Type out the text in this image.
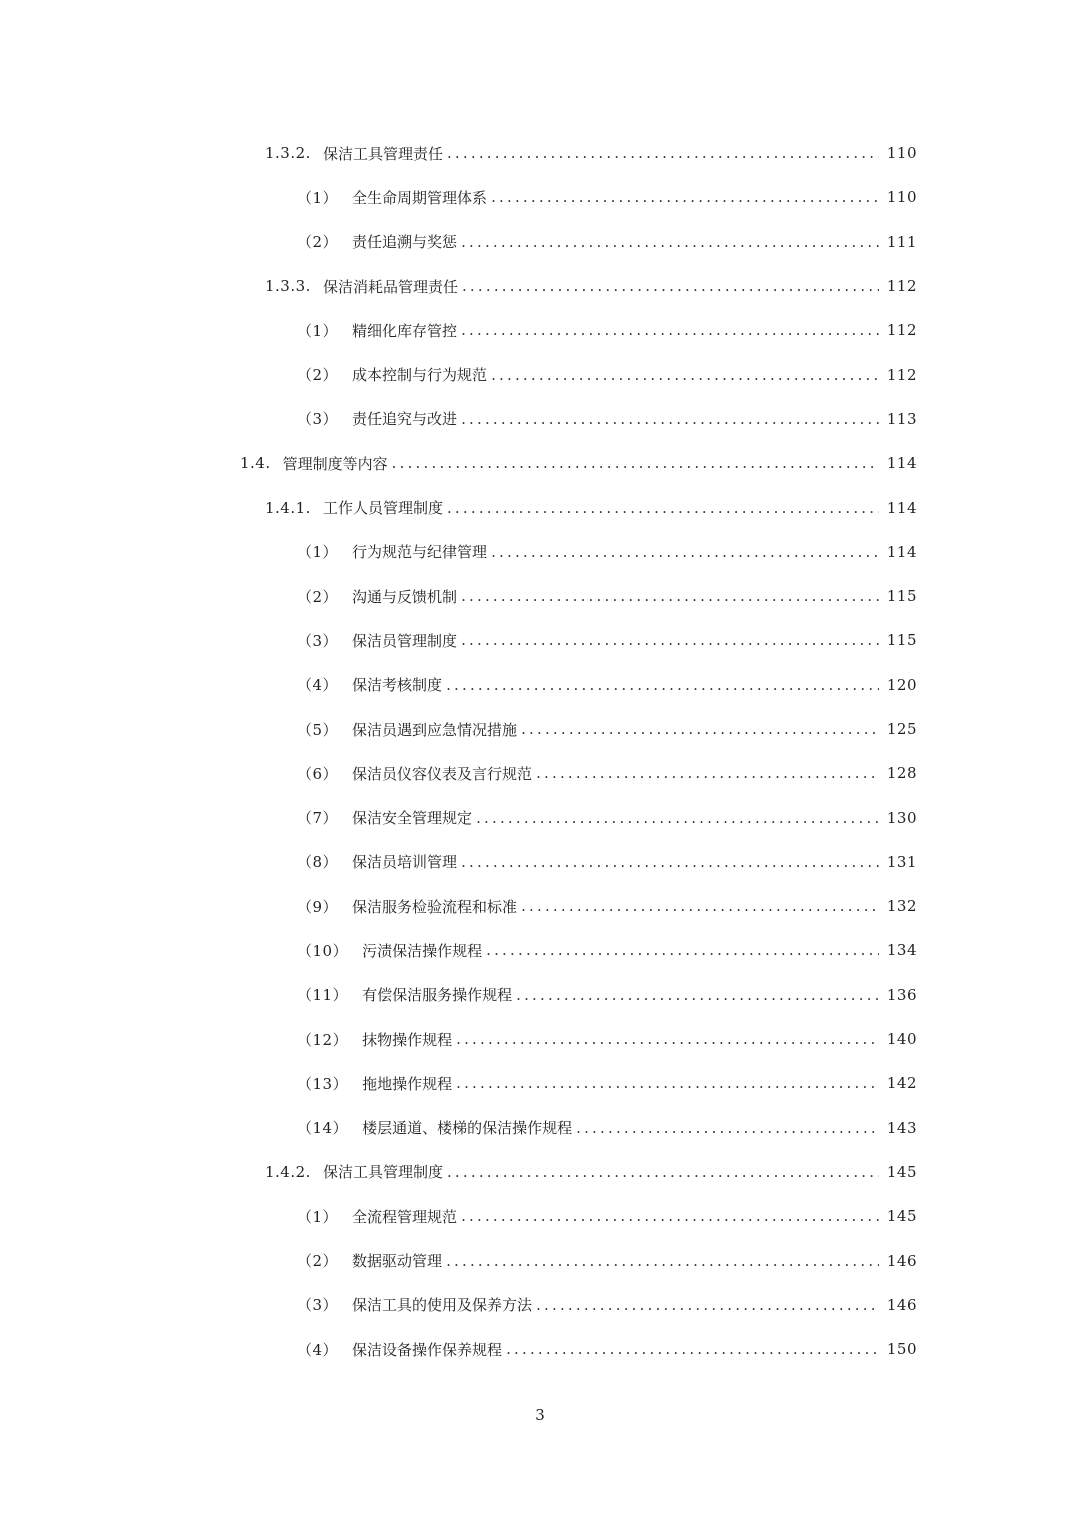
1.3.2. 保洁工具管理责任 .....	110
（1） 全生命周期管理体系 .....	110
（2） 责任追溯与奖惩 .....	111
1.3.3. 保洁消耗品管理责任 .....	112
（1） 精细化库存管控 .....	112
（2） 成本控制与行为规范 .....	112
（3） 责任追究与改进 .....	113
1.4. 管理制度等内容 .....	114
1.4.1. 工作人员管理制度 .....	114
（1） 行为规范与纪律管理 .....	114
（2） 沟通与反馈机制 .....	115
（3） 保洁员管理制度 .....	115
（4） 保洁考核制度 .....	120
（5） 保洁员遇到应急情况措施 .....	125
（6） 保洁员仪容仪表及言行规范 .....	128
（7） 保洁安全管理规定 .....	130
（8） 保洁员培训管理 .....	131
（9） 保洁服务检验流程和标准 .....	132
（10） 污渍保洁操作规程 .....	134
（11） 有偿保洁服务操作规程 .....	136
（12） 抹物操作规程 .....	140
（13） 拖地操作规程 .....	142
（14） 楼层通道、楼梯的保洁操作规程 .....	143
1.4.2. 保洁工具管理制度 .....	145
（1） 全流程管理规范 .....	145
（2） 数据驱动管理 .....	146
（3） 保洁工具的使用及保养方法 .....	146
（4） 保洁设备操作保养规程 .....	150
3
